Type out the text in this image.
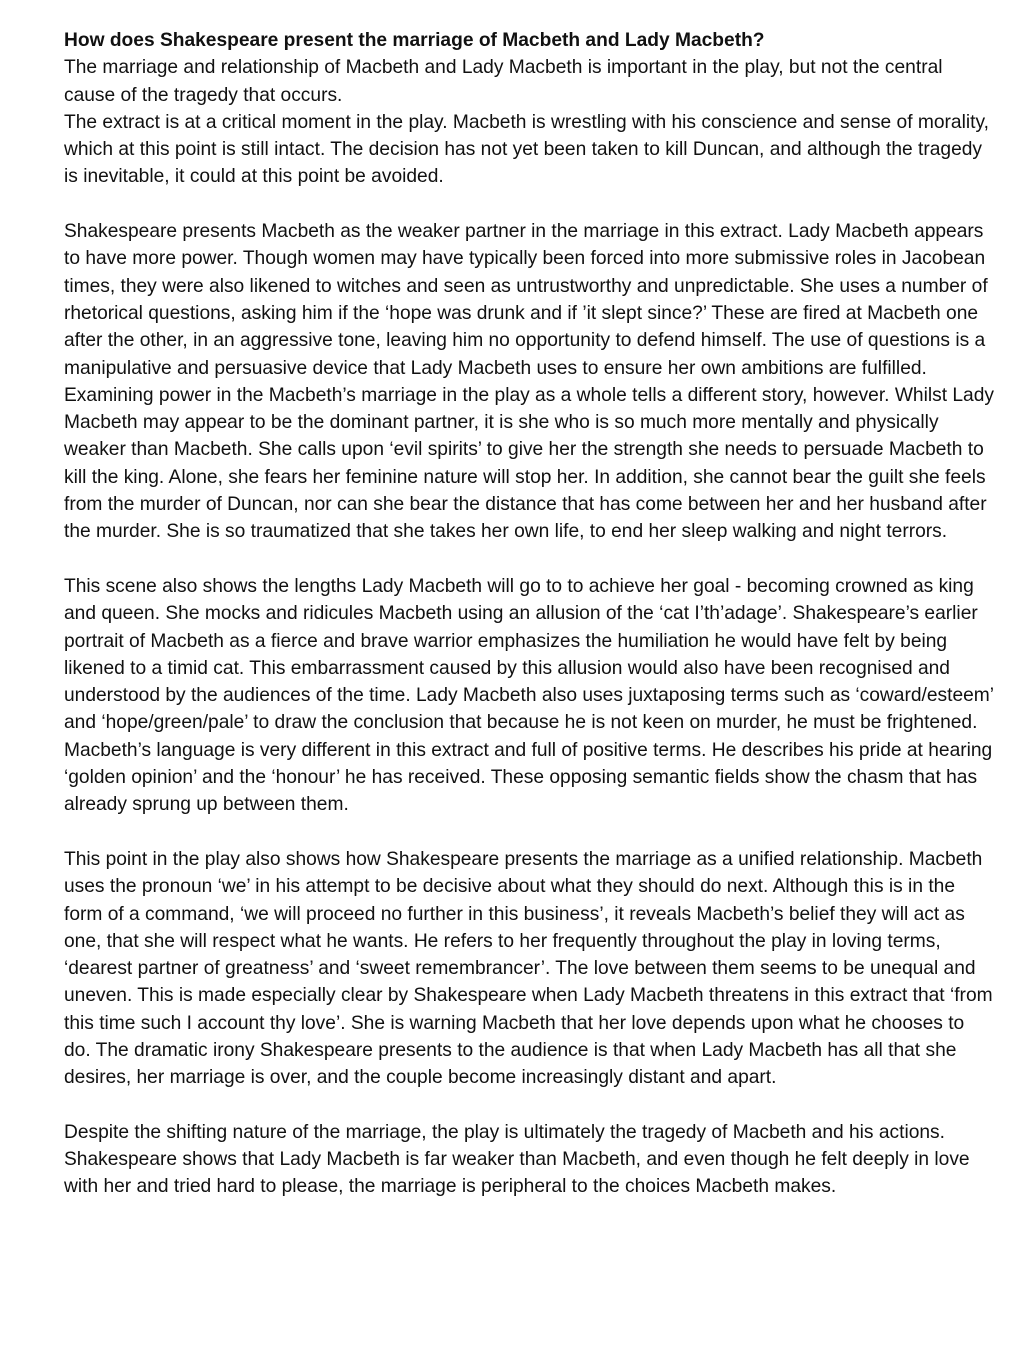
How does Shakespeare present the marriage of Macbeth and Lady Macbeth?

The marriage and relationship of Macbeth and Lady Macbeth is important in the play, but not the central cause of the tragedy that occurs.

The extract is at a critical moment in the play. Macbeth is wrestling with his conscience and sense of morality, which at this point is still intact. The decision has not yet been taken to kill Duncan, and although the tragedy is inevitable, it could at this point be avoided.

Shakespeare presents Macbeth as the weaker partner in the marriage in this extract. Lady Macbeth appears to have more power. Though women may have typically been forced into more submissive roles in Jacobean times, they were also likened to witches and seen as untrustworthy and unpredictable. She uses a number of rhetorical questions, asking him if the ‘hope was drunk and if ’it slept since?’ These are fired at Macbeth one after the other, in an aggressive tone, leaving him no opportunity to defend himself. The use of questions is a manipulative and persuasive device that Lady Macbeth uses to ensure her own ambitions are fulfilled. Examining power in the Macbeth’s marriage in the play as a whole tells a different story, however. Whilst Lady Macbeth may appear to be the dominant partner, it is she who is so much more mentally and physically weaker than Macbeth. She calls upon ‘evil spirits’ to give her the strength she needs to persuade Macbeth to kill the king. Alone, she fears her feminine nature will stop her. In addition, she cannot bear the guilt she feels from the murder of Duncan, nor can she bear the distance that has come between her and her husband after the murder. She is so traumatized that she takes her own life, to end her sleep walking and night terrors.

This scene also shows the lengths Lady Macbeth will go to to achieve her goal - becoming crowned as king and queen. She mocks and ridicules Macbeth using an allusion of the ‘cat I’th’adage’. Shakespeare’s earlier portrait of Macbeth as a fierce and brave warrior emphasizes the humiliation he would have felt by being likened to a timid cat. This embarrassment caused by this allusion would also have been recognised and understood by the audiences of the time. Lady Macbeth also uses juxtaposing terms such as ‘coward/esteem’ and ‘hope/green/pale’ to draw the conclusion that because he is not keen on murder, he must be frightened. Macbeth’s language is very different in this extract and full of positive terms. He describes his pride at hearing ‘golden opinion’ and the ‘honour’ he has received. These opposing semantic fields show the chasm that has already sprung up between them.

This point in the play also shows how Shakespeare presents the marriage as a unified relationship. Macbeth uses the pronoun ‘we’ in his attempt to be decisive about what they should do next. Although this is in the form of a command, ‘we will proceed no further in this business’, it reveals Macbeth’s belief they will act as one, that she will respect what he wants. He refers to her frequently throughout the play in loving terms, ‘dearest partner of greatness’ and ‘sweet remembrancer’. The love between them seems to be unequal and uneven. This is made especially clear by Shakespeare when Lady Macbeth threatens in this extract that ‘from this time such I account thy love’. She is warning Macbeth that her love depends upon what he chooses to do. The dramatic irony Shakespeare presents to the audience is that when Lady Macbeth has all that she desires, her marriage is over, and the couple become increasingly distant and apart.

Despite the shifting nature of the marriage, the play is ultimately the tragedy of Macbeth and his actions. Shakespeare shows that Lady Macbeth is far weaker than Macbeth, and even though he felt deeply in love with her and tried hard to please, the marriage is peripheral to the choices Macbeth makes.
